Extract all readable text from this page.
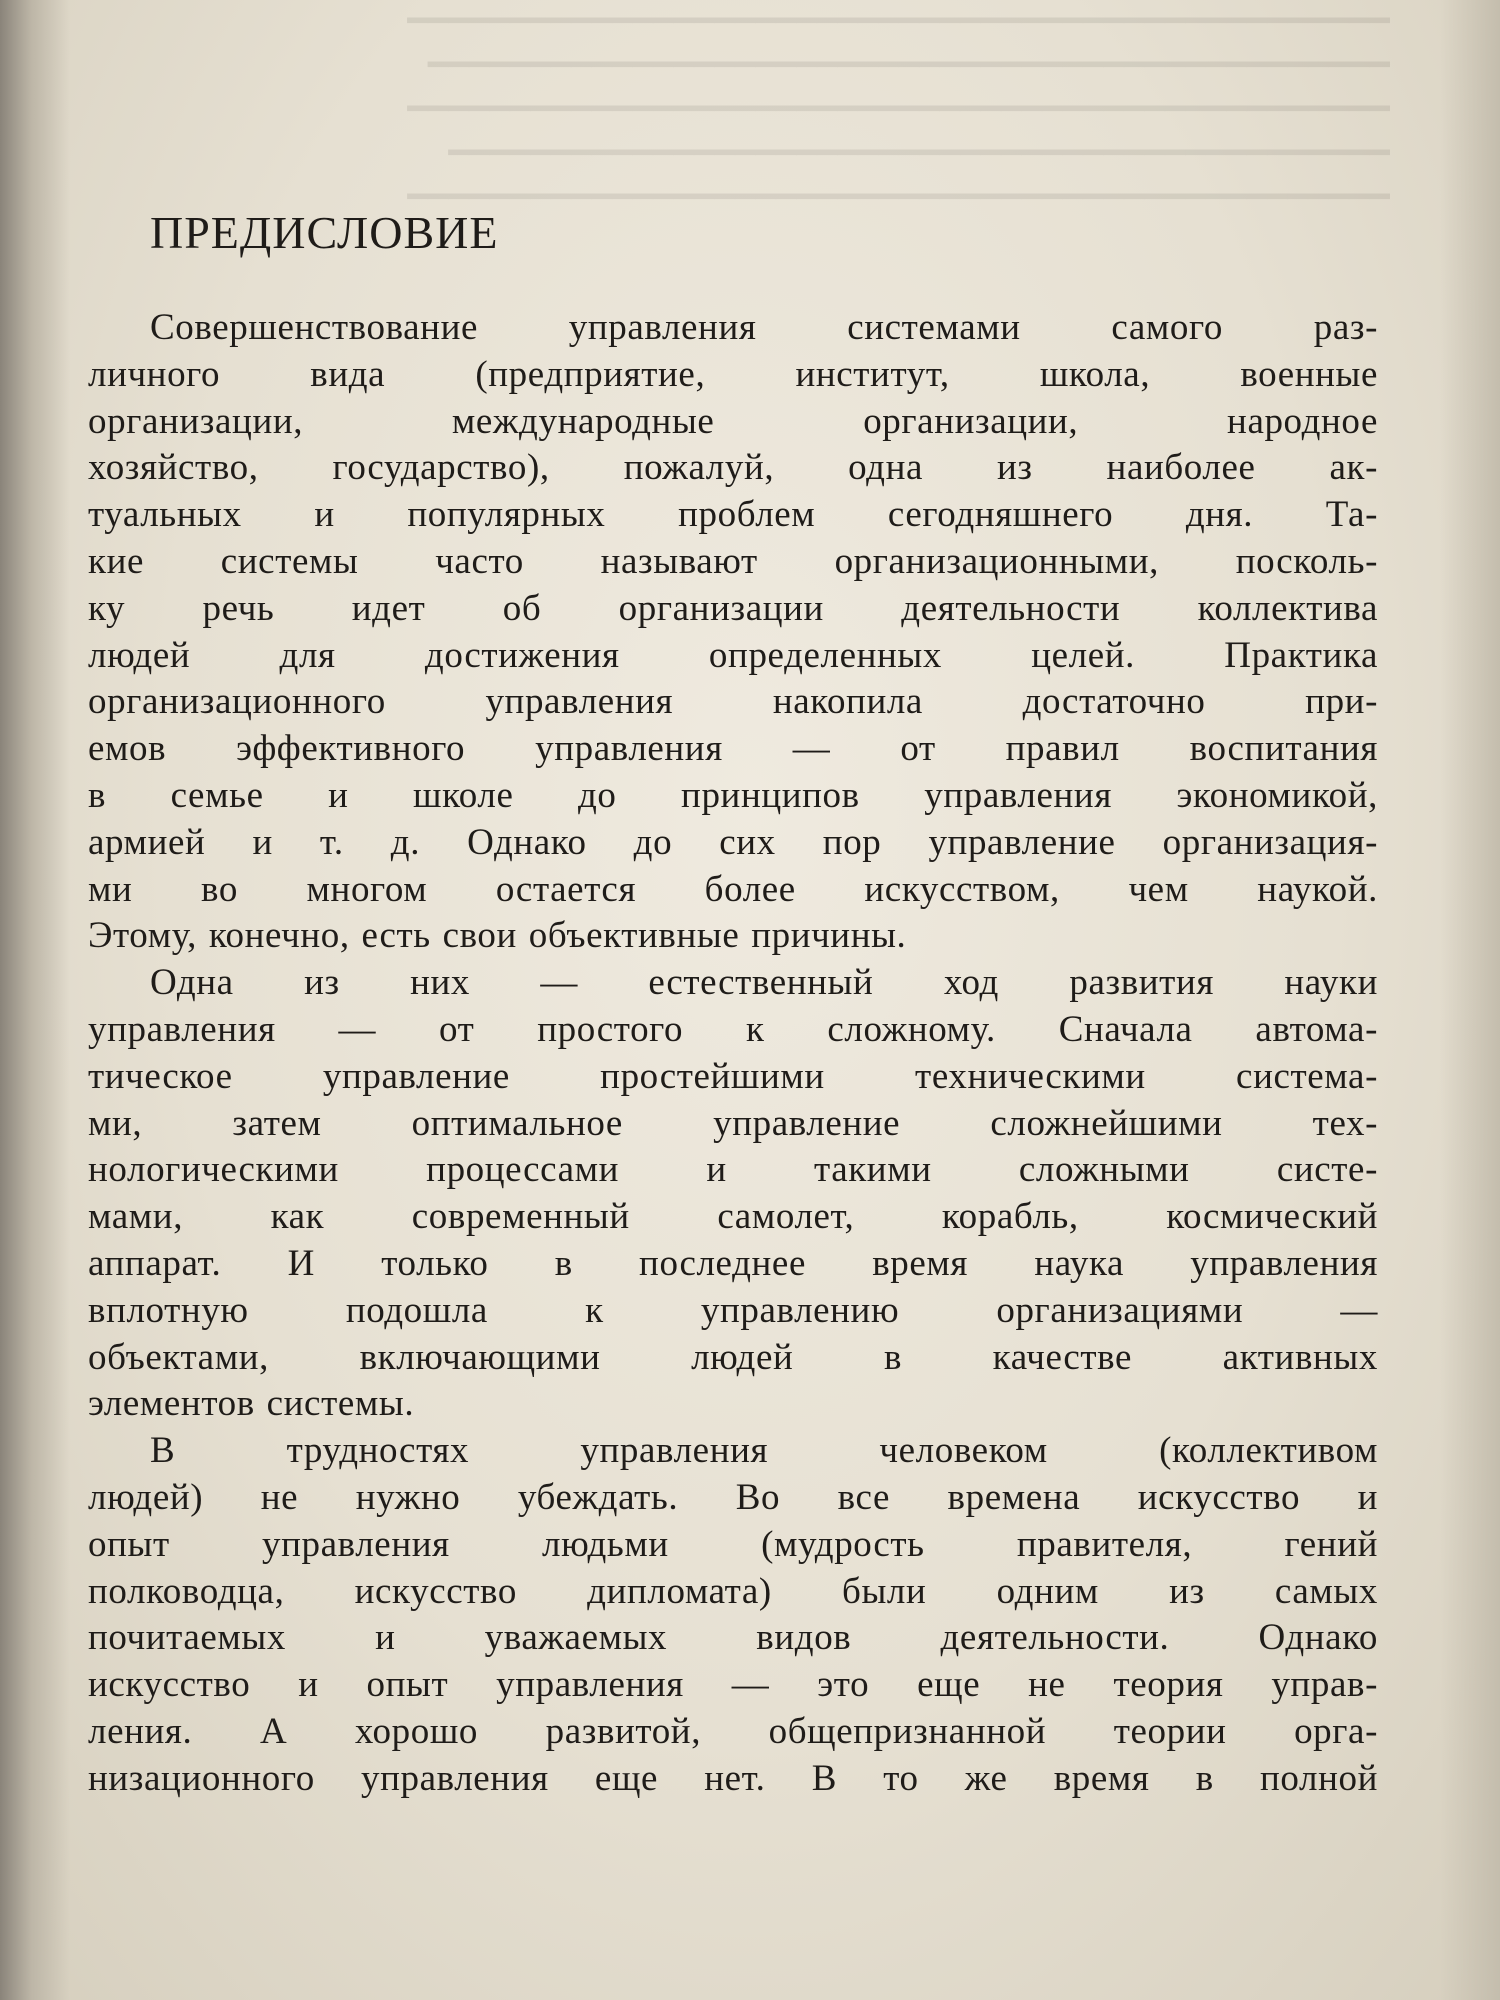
━━━━━━━━━━━━━━━━━━━━━━━━━━━━━━━━━━━━━━━━━━━━━━━━
━━━━━━━━━━━━━━━━━━━━━━━━━━━━━━━━━━━━━━━━━━━━━━━
━━━━━━━━━━━━━━━━━━━━━━━━━━━━━━━━━━━━━━━━━━━━━━━━
━━━━━━━━━━━━━━━━━━━━━━━━━━━━━━━━━━━━━━━━━━━━━━
━━━━━━━━━━━━━━━━━━━━━━━━━━━━━━━━━━━━━━━━━━━━━━━━
ПРЕДИСЛОВИЕ
Совершенствование управления системами самого раз-
личного вида (предприятие, институт, школа, военные
организации, международные организации, народное
хозяйство, государство), пожалуй, одна из наиболее ак-
туальных и популярных проблем сегодняшнего дня. Та-
кие системы часто называют организационными, посколь-
ку речь идет об организации деятельности коллектива
людей для достижения определенных целей. Практика
организационного управления накопила достаточно при-
емов эффективного управления — от правил воспитания
в семье и школе до принципов управления экономикой,
армией и т. д. Однако до сих пор управление организация-
ми во многом остается более искусством, чем наукой.
Этому, конечно, есть свои объективные причины.
Одна из них — естественный ход развития науки
управления — от простого к сложному. Сначала автома-
тическое управление простейшими техническими система-
ми, затем оптимальное управление сложнейшими тех-
нологическими процессами и такими сложными систе-
мами, как современный самолет, корабль, космический
аппарат. И только в последнее время наука управления
вплотную подошла к управлению организациями —
объектами, включающими людей в качестве активных
элементов системы.
В трудностях управления человеком (коллективом
людей) не нужно убеждать. Во все времена искусство и
опыт управления людьми (мудрость правителя, гений
полководца, искусство дипломата) были одним из самых
почитаемых и уважаемых видов деятельности. Однако
искусство и опыт управления — это еще не теория управ-
ления. А хорошо развитой, общепризнанной теории орга-
низационного управления еще нет. В то же время в полной
